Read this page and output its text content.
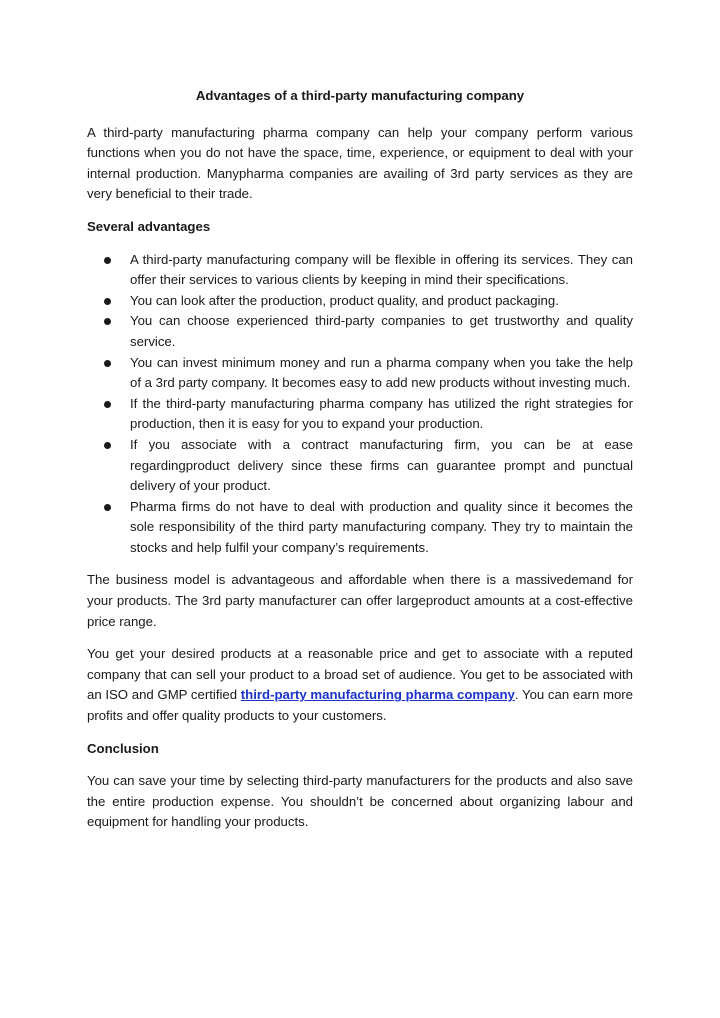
Advantages of a third-party manufacturing company

A third-party manufacturing pharma company can help your company perform various functions when you do not have the space, time, experience, or equipment to deal with your internal production. Manypharma companies are availing of 3rd party services as they are very beneficial to their trade.

Several advantages
A third-party manufacturing company will be flexible in offering its services. They can offer their services to various clients by keeping in mind their specifications.
You can look after the production, product quality, and product packaging.
You can choose experienced third-party companies to get trustworthy and quality service.
You can invest minimum money and run a pharma company when you take the help of a 3rd party company. It becomes easy to add new products without investing much.
If the third-party manufacturing pharma company has utilized the right strategies for production, then it is easy for you to expand your production.
If you associate with a contract manufacturing firm, you can be at ease regardingproduct delivery since these firms can guarantee prompt and punctual delivery of your product.
Pharma firms do not have to deal with production and quality since it becomes the sole responsibility of the third party manufacturing company. They try to maintain the stocks and help fulfil your company’s requirements.

The business model is advantageous and affordable when there is a massivedemand for your products. The 3rd party manufacturer can offer largeproduct amounts at a cost-effective price range.

You get your desired products at a reasonable price and get to associate with a reputed company that can sell your product to a broad set of audience. You get to be associated with an ISO and GMP certified third-party manufacturing pharma company. You can earn more profits and offer quality products to your customers.

Conclusion

You can save your time by selecting third-party manufacturers for the products and also save the entire production expense. You shouldn’t be concerned about organizing labour and equipment for handling your products.
